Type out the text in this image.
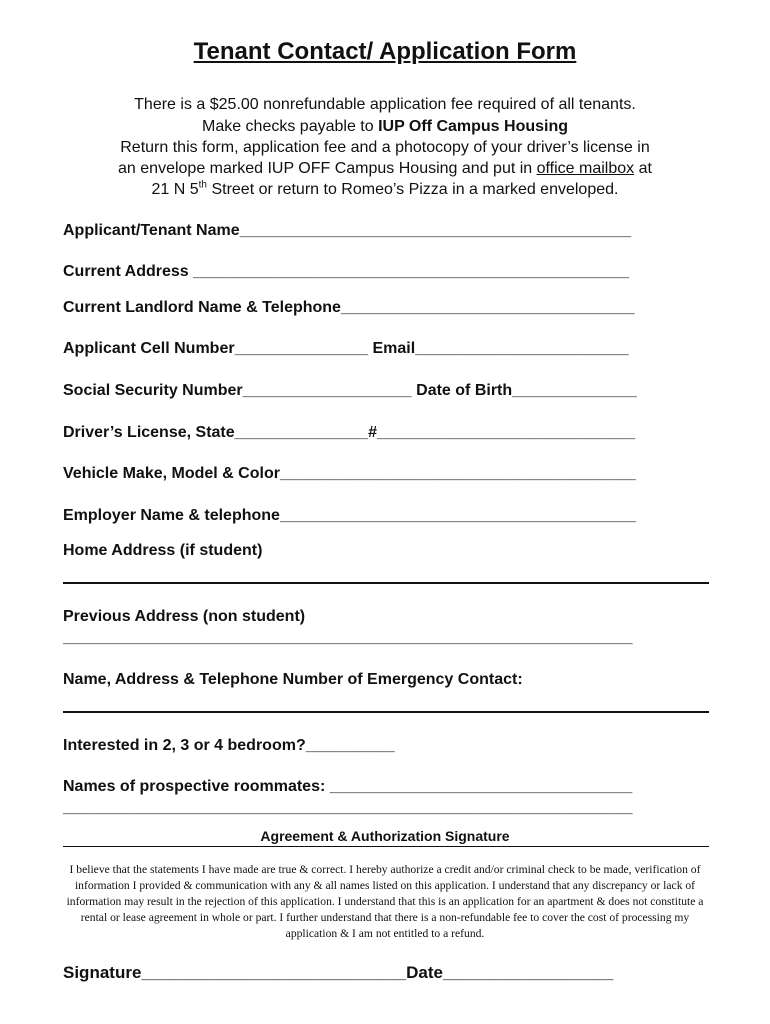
Tenant Contact/ Application Form
There is a $25.00 nonrefundable application fee required of all tenants.
Make checks payable to IUP Off Campus Housing
Return this form, application fee and a photocopy of your driver’s license in
an envelope marked IUP OFF Campus Housing and put in office mailbox at
21 N 5th Street or return to Romeo’s Pizza in a marked enveloped.
Applicant/Tenant Name____________________________________________
Current Address _________________________________________________
Current Landlord Name & Telephone_________________________________
Applicant Cell Number_______________ Email________________________
Social Security Number___________________ Date of Birth______________
Driver’s License, State_______________#_____________________________
Vehicle Make, Model & Color________________________________________
Employer Name & telephone________________________________________
Home Address (if student)
Previous Address (non student)
________________________________________________________________
Name, Address & Telephone Number of Emergency Contact:
Interested in 2, 3 or 4 bedroom?__________
Names of prospective roommates: __________________________________
________________________________________________________________
Agreement & Authorization Signature
I believe that the statements I have made are true & correct. I hereby authorize a credit and/or criminal check to be made, verification of information I provided & communication with any & all names listed on this application. I understand that any discrepancy or lack of information may result in the rejection of this application. I understand that this is an application for an apartment & does not constitute a rental or lease agreement in whole or part. I further understand that there is a non-refundable fee to cover the cost of processing my application & I am not entitled to a refund.
Signature____________________________Date__________________
